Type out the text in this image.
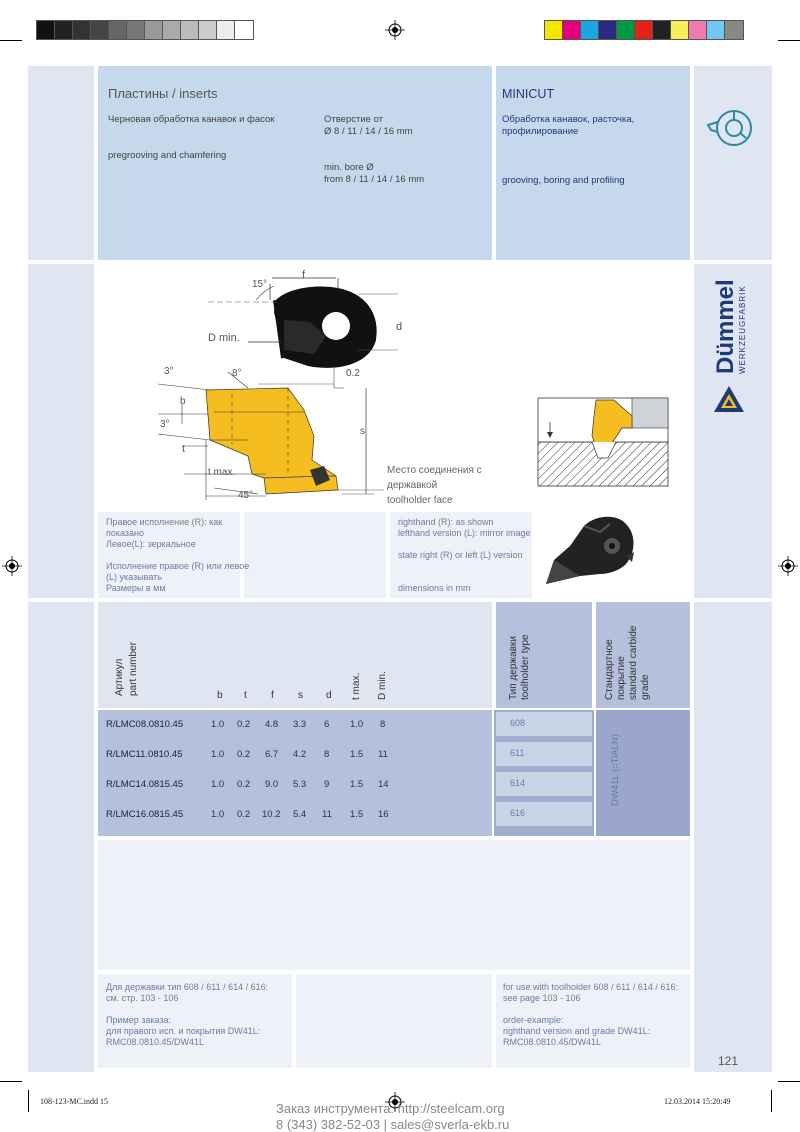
Пластины / inserts
Черновая обработка канавок и фасок
pregrooving and chamfering
Отверстие от
Ø 8 / 11 / 14 / 16 mm
min. bore Ø
from 8 / 11 / 14 / 16 mm
MINICUT
Обработка канавок, расточка,
профилирование
grooving, boring and profiling
15°
f
D min.
d
3°	8°	0.2
b
3°
s
t
t max.
45°
Место соединения с
державкой
toolholder face
Правое исполнение (R): как
показано
Левое(L): зеркальное
Исполнение правое (R) или левое
(L) указывать
Размеры в мм
righthand (R): as shown
lefthand version (L): mirror image
state right (R) or left (L) version
dimensions in mm
Dümmel WERKZEUGFABRIK
Артикул part number	b t f s d t max. D min.	Тип державки toolholder type	Стандартное покрытие standard carbide grade
DW41L (=TiALN)
R/LMC08.0810.45	1.0 0.2 4.8 3.3 6 1.0 8	608
R/LMC11.0810.45	1.0 0.2 6.7 4.2 8 1.5 11	611
R/LMC14.0815.45	1.0 0.2 9.0 5.3 9 1.5 14	614
R/LMC16.0815.45	1.0 0.2 10.2 5.4 11 1.5 16	616
Для державки тип 608 / 611 / 614 / 616:
см. стр. 103 - 106
Пример заказа:
для правого исп. и покрытия DW41L:
RMC08.0810.45/DW41L
for use with toolholder 608 / 611 / 614 / 616:
see page 103 - 106
order-example:
righthand version and grade DW41L:
RMC08.0810.45/DW41L
121
108-123-MC.indd 15	12.03.2014 15:20:49
Заказ инструмента: http://steelcam.org
8 (343) 382-52-03 | sales@sverla-ekb.ru
